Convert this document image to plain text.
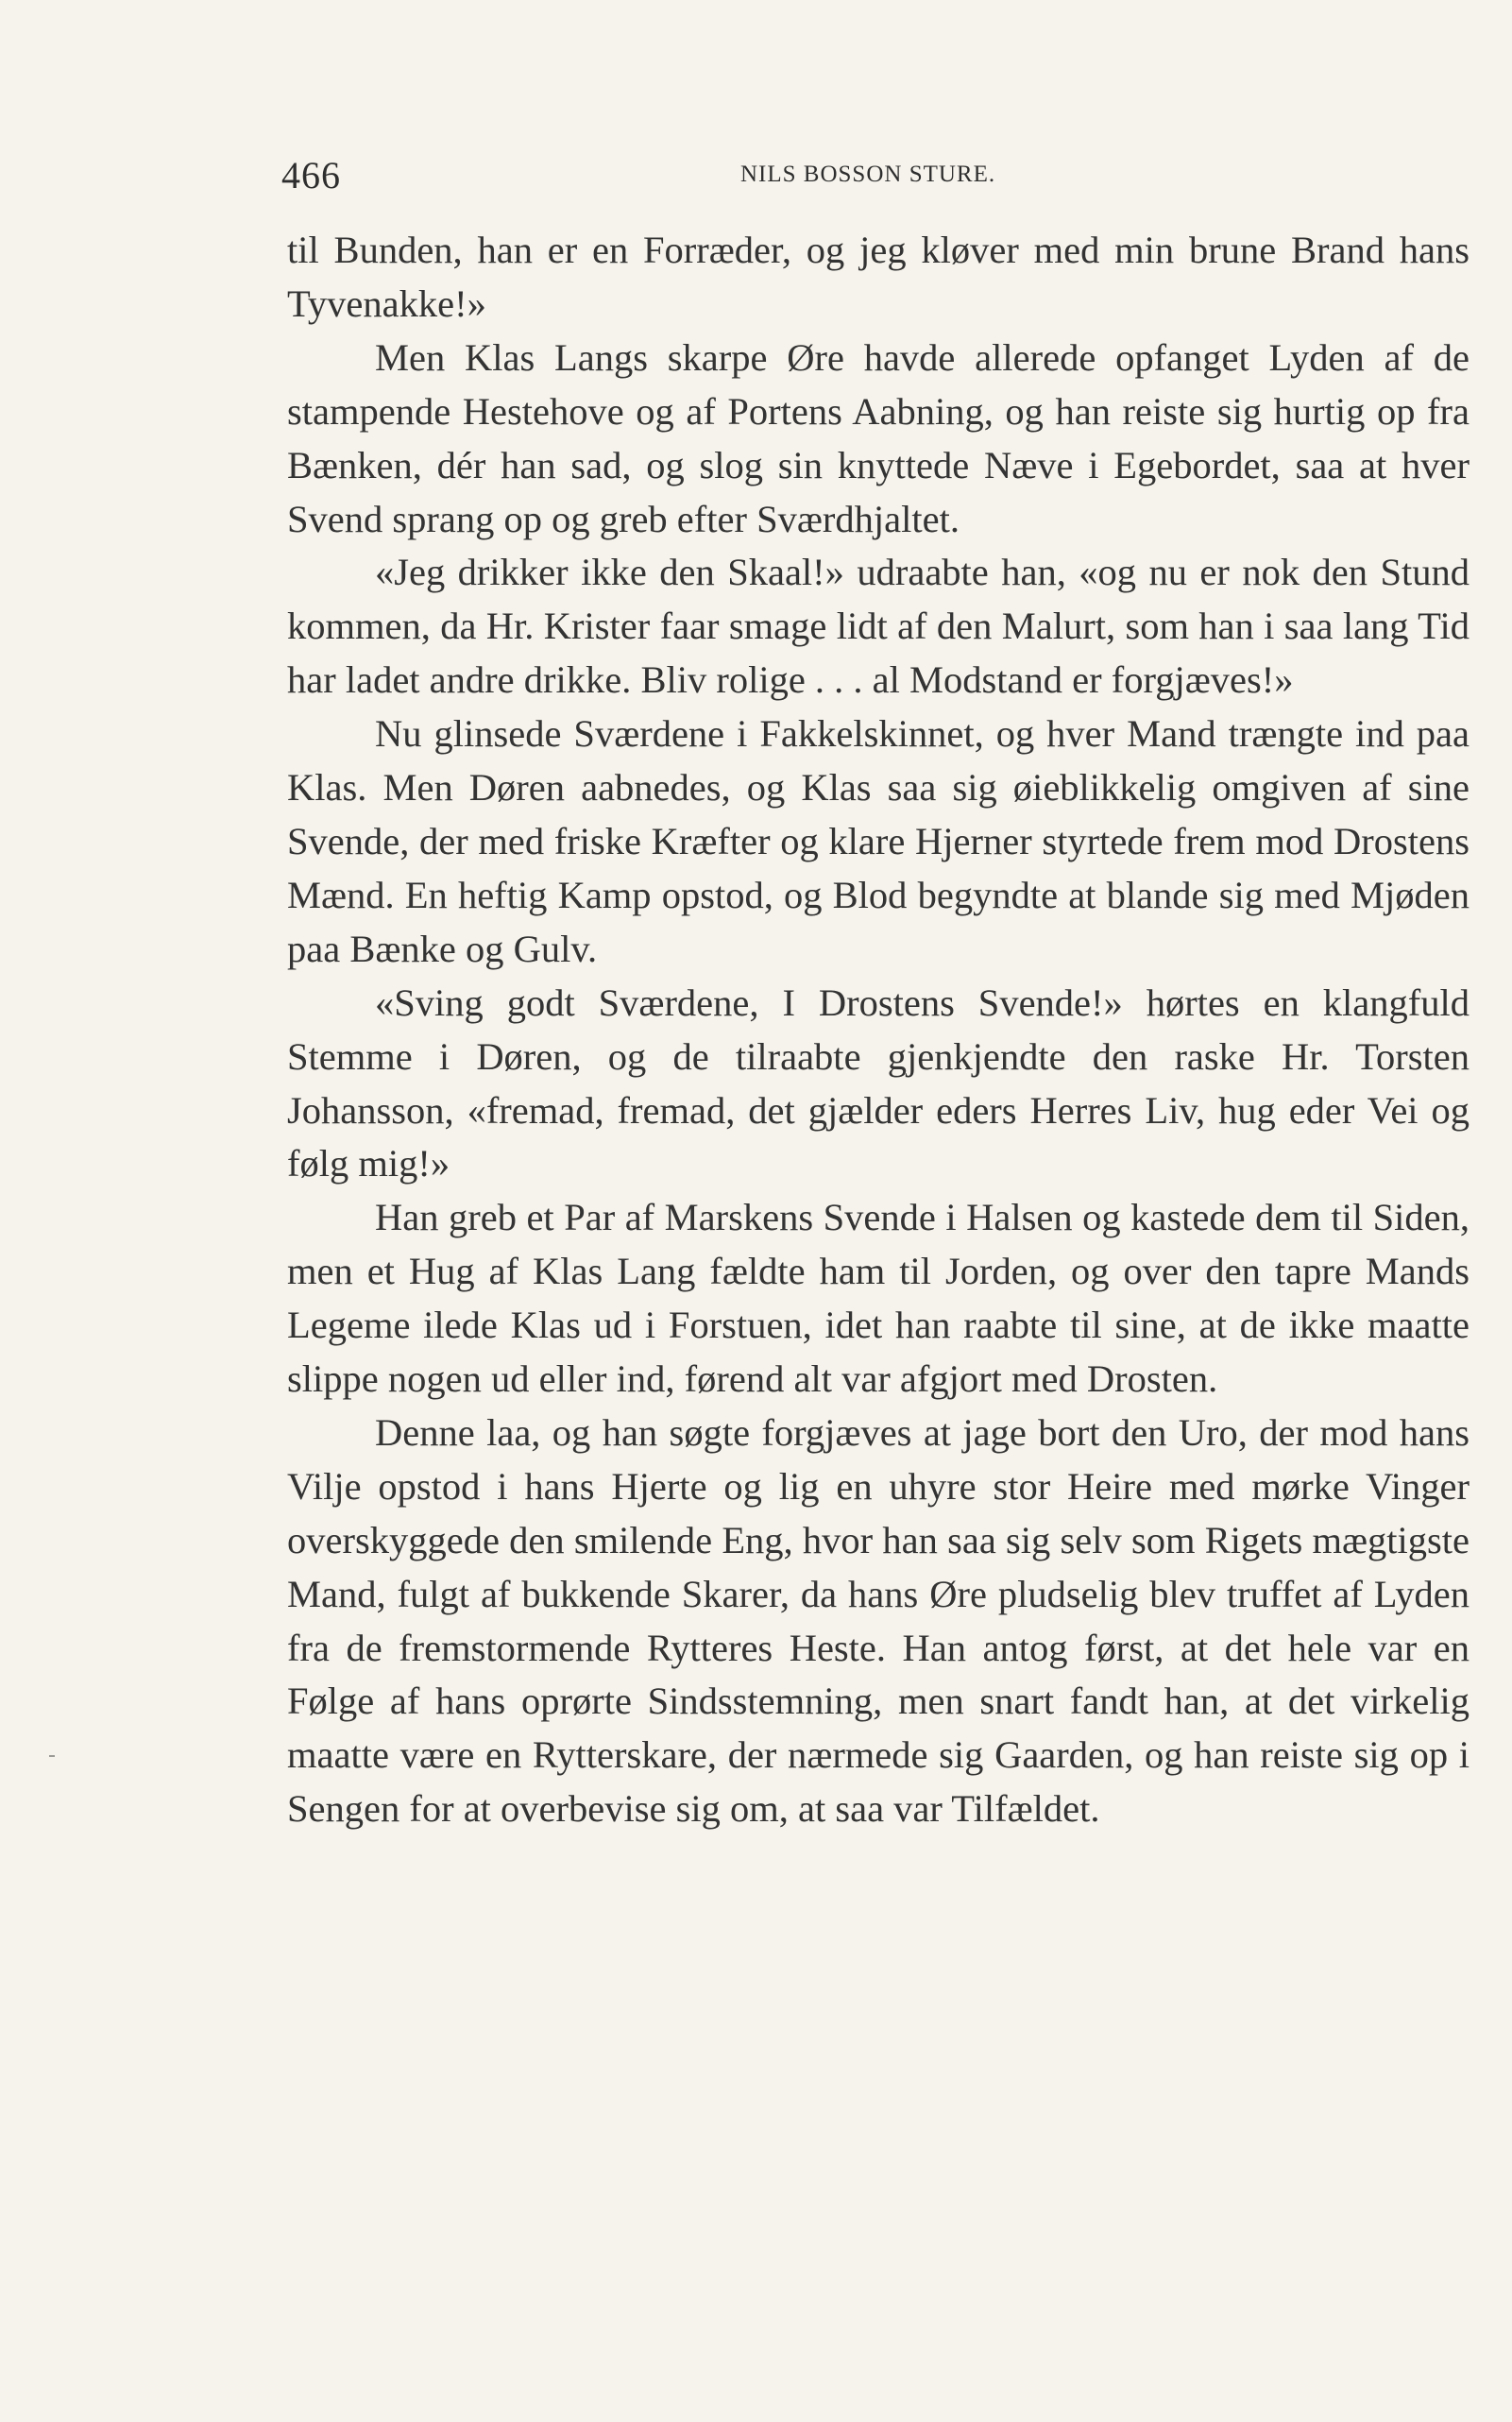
466	NILS BOSSON STURE.

til Bunden, han er en Forræder, og jeg kløver med min brune Brand hans Tyvenakke!»

Men Klas Langs skarpe Øre havde allerede opfanget Lyden af de stampende Hestehove og af Portens Aabning, og han reiste sig hurtig op fra Bænken, dér han sad, og slog sin knyttede Næve i Egebordet, saa at hver Svend sprang op og greb efter Sværdhjaltet.

«Jeg drikker ikke den Skaal!» udraabte han, «og nu er nok den Stund kommen, da Hr. Krister faar smage lidt af den Malurt, som han i saa lang Tid har ladet andre drikke. Bliv rolige . . . al Modstand er forgjæves!»

Nu glinsede Sværdene i Fakkelskinnet, og hver Mand trængte ind paa Klas. Men Døren aabnedes, og Klas saa sig øieblikkelig omgiven af sine Svende, der med friske Kræfter og klare Hjerner styrtede frem mod Drostens Mænd. En heftig Kamp opstod, og Blod begyndte at blande sig med Mjøden paa Bænke og Gulv.

«Sving godt Sværdene, I Drostens Svende!» hørtes en klangfuld Stemme i Døren, og de tilraabte gjenkjendte den raske Hr. Torsten Johansson, «fremad, fremad, det gjælder eders Herres Liv, hug eder Vei og følg mig!»

Han greb et Par af Marskens Svende i Halsen og kastede dem til Siden, men et Hug af Klas Lang fældte ham til Jorden, og over den tapre Mands Legeme ilede Klas ud i Forstuen, idet han raabte til sine, at de ikke maatte slippe nogen ud eller ind, førend alt var afgjort med Drosten.

Denne laa, og han søgte forgjæves at jage bort den Uro, der mod hans Vilje opstod i hans Hjerte og lig en uhyre stor Heire med mørke Vinger overskyggede den smilende Eng, hvor han saa sig selv som Rigets mægtigste Mand, fulgt af bukkende Skarer, da hans Øre pludselig blev truffet af Lyden fra de fremstormende Rytteres Heste. Han antog først, at det hele var en Følge af hans oprørte Sindsstemning, men snart fandt han, at det virkelig maatte være en Rytterskare, der nærmede sig Gaarden, og han reiste sig op i Sengen for at overbevise sig om, at saa var Tilfældet.
